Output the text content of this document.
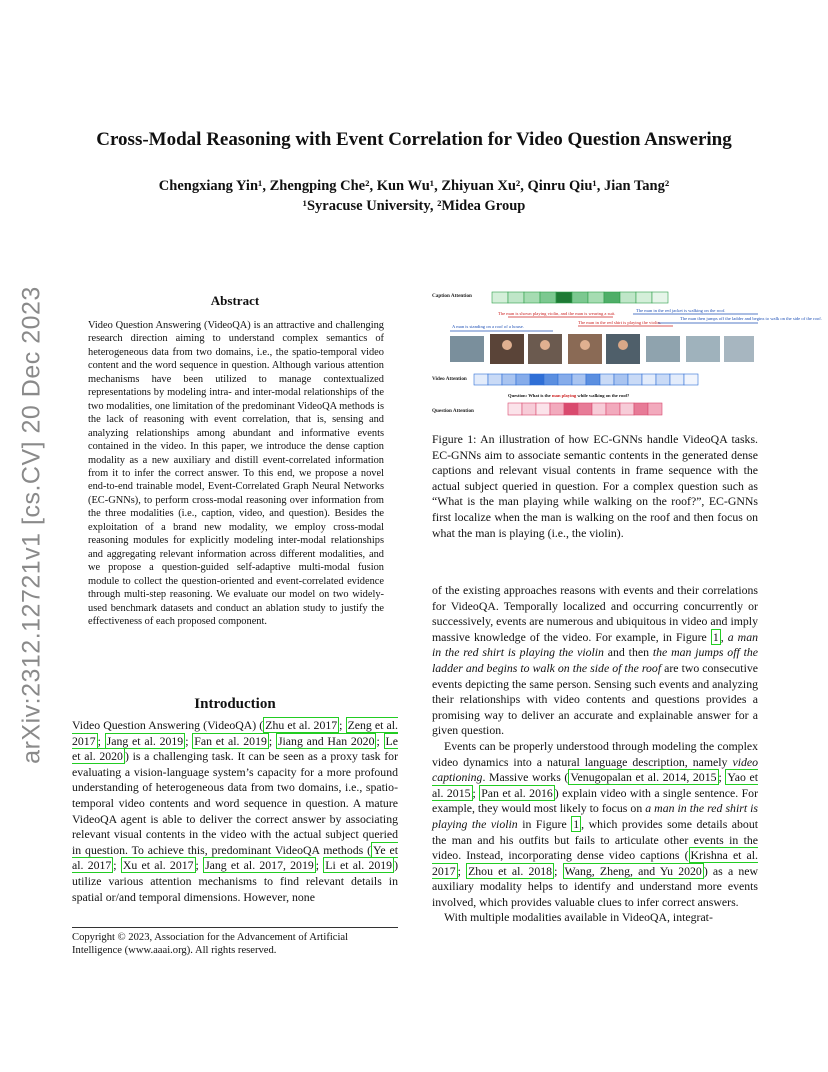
Cross-Modal Reasoning with Event Correlation for Video Question Answering
Chengxiang Yin¹, Zhengping Che², Kun Wu¹, Zhiyuan Xu², Qinru Qiu¹, Jian Tang²
¹Syracuse University, ²Midea Group
arXiv:2312.12721v1 [cs.CV] 20 Dec 2023	Abstract
Video Question Answering (VideoQA) is an attractive and challenging research direction aiming to understand complex semantics of heterogeneous data from two domains, i.e., the spatio-temporal video content and the word sequence in question. Although various attention mechanisms have been utilized to manage contextualized representations by modeling intra- and inter-modal relationships of the two modalities, one limitation of the predominant VideoQA methods is the lack of reasoning with event correlation, that is, sensing and analyzing relationships among abundant and informative events contained in the video. In this paper, we introduce the dense caption modality as a new auxiliary and distill event-correlated information from it to infer the correct answer. To this end, we propose a novel end-to-end trainable model, Event-Correlated Graph Neural Networks (EC-GNNs), to perform cross-modal reasoning over information from the three modalities (i.e., caption, video, and question). Besides the exploitation of a brand new modality, we employ cross-modal reasoning modules for explicitly modeling inter-modal relationships and aggregating relevant information across different modalities, and we propose a question-guided self-adaptive multi-modal fusion module to collect the question-oriented and event-correlated evidence through multi-step reasoning. We evaluate our model on two widely-used benchmark datasets and conduct an ablation study to justify the effectiveness of each proposed component.
Introduction
Video Question Answering (VideoQA) ( Zhu et al. 2017 ; Zeng et al. 2017 ; Jang et al. 2019 ; Fan et al. 2019 ; Jiang and Han 2020 ; Le et al. 2020 ) is a challenging task. It can be seen as a proxy task for evaluating a vision-language system’s capacity for a more profound understanding of heterogeneous data from two domains, i.e., spatio-temporal video contents and word sequence in question. A mature VideoQA agent is able to deliver the correct answer by associating relevant visual contents in the video with the actual subject queried in question. To achieve this, predominant VideoQA methods ( Ye et al. 2017 ; Xu et al. 2017 ; Jang et al. 2017, 2019 ; Li et al. 2019 ) utilize various attention mechanisms to find relevant details in spatial or/and temporal dimensions. However, none
Copyright © 2023, Association for the Advancement of Artificial Intelligence (www.aaai.org). All rights reserved.
Caption Attention
The man is shown playing violin, and the man is wearing a suit.
The man in the red jacket is walking on the roof.
The man then jumps off the ladder and begins to walk on the side of the roof.
The man in the red shirt is playing the violin.
A man is standing on a roof of a house.
Video Attention
Question: What is the man playing while walking on the roof?
Question Attention
Figure 1: An illustration of how EC-GNNs handle VideoQA tasks. EC-GNNs aim to associate semantic contents in the generated dense captions and relevant visual contents in frame sequence with the actual subject queried in question. For a complex question such as “What is the man playing while walking on the roof?”, EC-GNNs first localize when the man is walking on the roof and then focus on what the man is playing (i.e., the violin).

of the existing approaches reasons with events and their correlations for VideoQA. Temporally localized and occurring concurrently or successively, events are numerous and ubiquitous in video and imply massive knowledge of the video. For example, in Figure 1 , a man in the red shirt is playing the violin and then the man jumps off the ladder and begins to walk on the side of the roof are two consecutive events depicting the same person. Sensing such events and analyzing their relationships with video contents and questions provides a promising way to deliver an accurate and explainable answer for a given question.

Events can be properly understood through modeling the complex video dynamics into a natural language description, namely video captioning. Massive works ( Venugopalan et al. 2014, 2015 ; Yao et al. 2015 ; Pan et al. 2016 ) explain video with a single sentence. For example, they would most likely to focus on a man in the red shirt is playing the violin in Figure 1 , which provides some details about the man and his outfits but fails to articulate other events in the video. Instead, incorporating dense video captions ( Krishna et al. 2017 ; Zhou et al. 2018 ; Wang, Zheng, and Yu 2020 ) as a new auxiliary modality helps to identify and understand more events involved, which provides valuable clues to infer correct answers.

With multiple modalities available in VideoQA, integrat-
